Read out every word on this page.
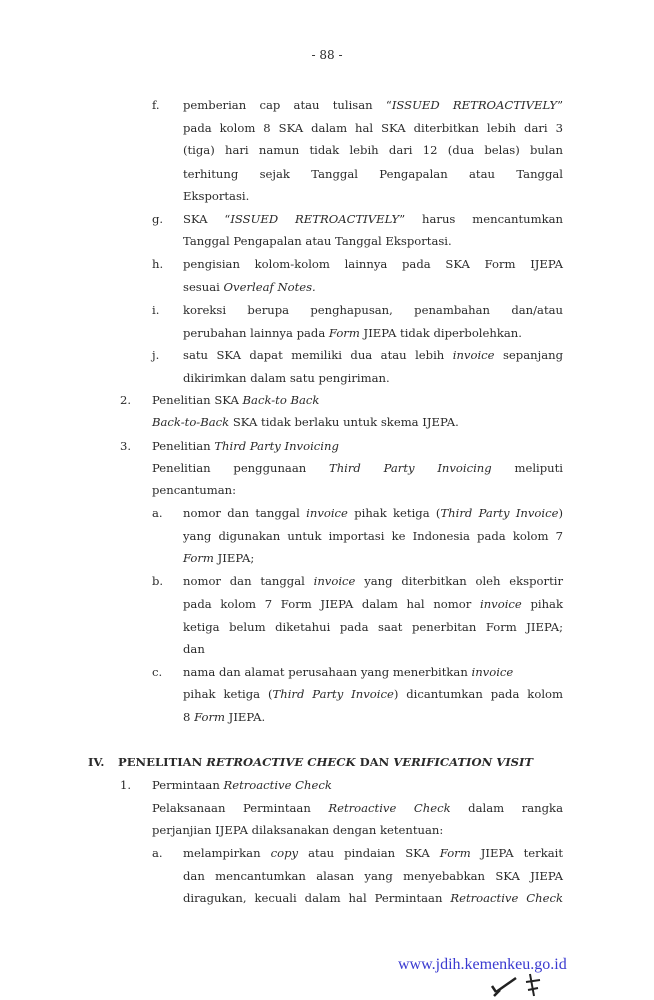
- 88 -
f. pemberian cap atau tulisan “ISSUED RETROACTIVELY”
pada kolom 8 SKA dalam hal SKA diterbitkan lebih dari 3
(tiga) hari namun tidak lebih dari 12 (dua belas) bulan
terhitung sejak Tanggal Pengapalan atau Tanggal
Eksportasi.
g. SKA “ISSUED RETROACTIVELY” harus mencantumkan
Tanggal Pengapalan atau Tanggal Eksportasi.
h. pengisian kolom-kolom lainnya pada SKA Form IJEPA
sesuai Overleaf Notes.
i. koreksi berupa penghapusan, penambahan dan/atau
perubahan lainnya pada Form JIEPA tidak diperbolehkan.
j. satu SKA dapat memiliki dua atau lebih invoice sepanjang
dikirimkan dalam satu pengiriman.
2. Penelitian SKA Back-to Back
Back-to-Back SKA tidak berlaku untuk skema IJEPA.
3. Penelitian Third Party Invoicing
Penelitian penggunaan Third Party Invoicing meliputi
pencantuman:
a. nomor dan tanggal invoice pihak ketiga (Third Party Invoice)
yang digunakan untuk importasi ke Indonesia pada kolom 7
Form JIEPA;
b. nomor dan tanggal invoice yang diterbitkan oleh eksportir
pada kolom 7 Form JIEPA dalam hal nomor invoice pihak
ketiga belum diketahui pada saat penerbitan Form JIEPA;
dan
c. nama dan alamat perusahaan yang menerbitkan invoice
pihak ketiga (Third Party Invoice) dicantumkan pada kolom
8 Form JIEPA.
IV. PENELITIAN RETROACTIVE CHECK DAN VERIFICATION VISIT
1. Permintaan Retroactive Check
Pelaksanaan Permintaan Retroactive Check dalam rangka
perjanjian IJEPA dilaksanakan dengan ketentuan:
a. melampirkan copy atau pindaian SKA Form JIEPA terkait
dan mencantumkan alasan yang menyebabkan SKA JIEPA
diragukan, kecuali dalam hal Permintaan Retroactive Check
www.jdih.kemenkeu.go.id
